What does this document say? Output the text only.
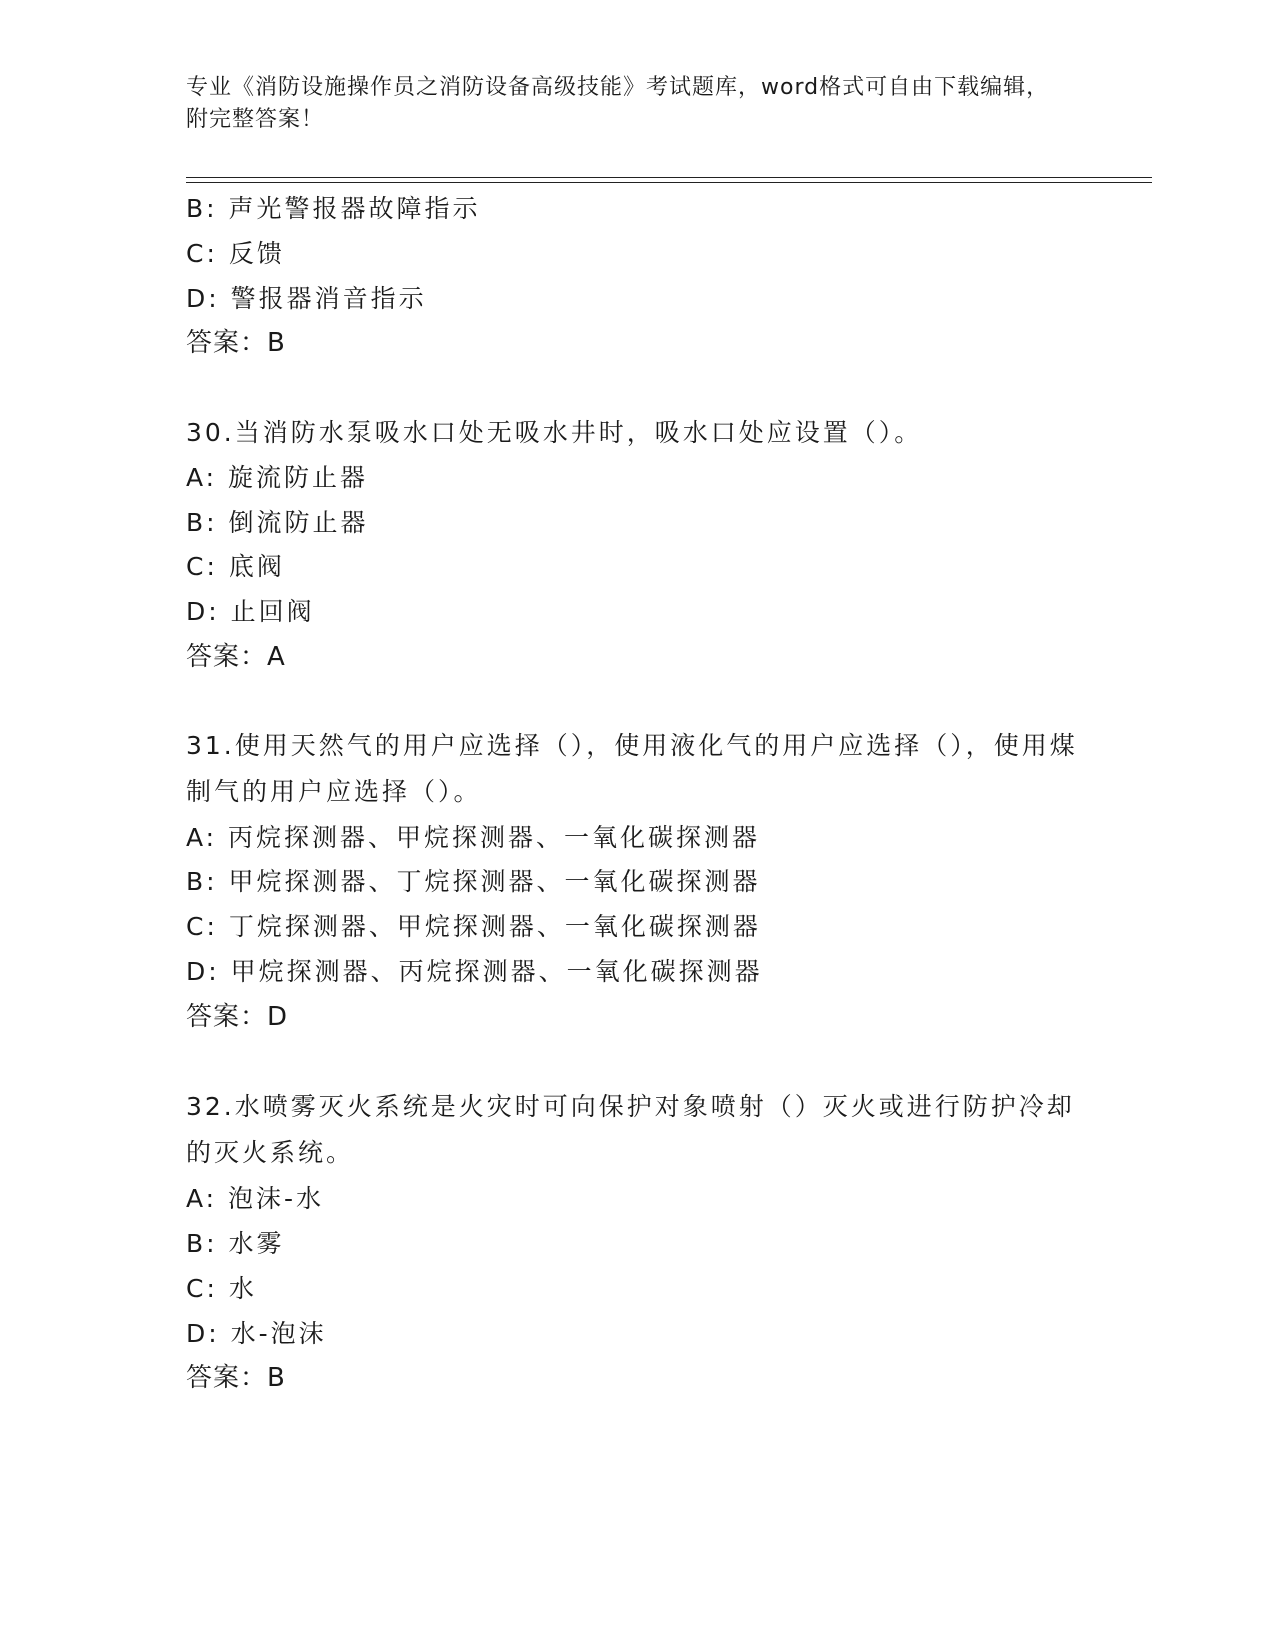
专业《消防设施操作员之消防设备高级技能》考试题库，word格式可自由下载编辑，附完整答案！
B: 声光警报器故障指示
C: 反馈
D: 警报器消音指示
答案：B
30.当消防水泵吸水口处无吸水井时，吸水口处应设置（）。
A: 旋流防止器
B: 倒流防止器
C: 底阀
D: 止回阀
答案：A
31.使用天然气的用户应选择（），使用液化气的用户应选择（），使用煤制气的用户应选择（）。
A: 丙烷探测器、甲烷探测器、一氧化碳探测器
B: 甲烷探测器、丁烷探测器、一氧化碳探测器
C: 丁烷探测器、甲烷探测器、一氧化碳探测器
D: 甲烷探测器、丙烷探测器、一氧化碳探测器
答案：D
32.水喷雾灭火系统是火灾时可向保护对象喷射（）灭火或进行防护冷却的灭火系统。
A: 泡沫-水
B: 水雾
C: 水
D: 水-泡沫
答案：B
